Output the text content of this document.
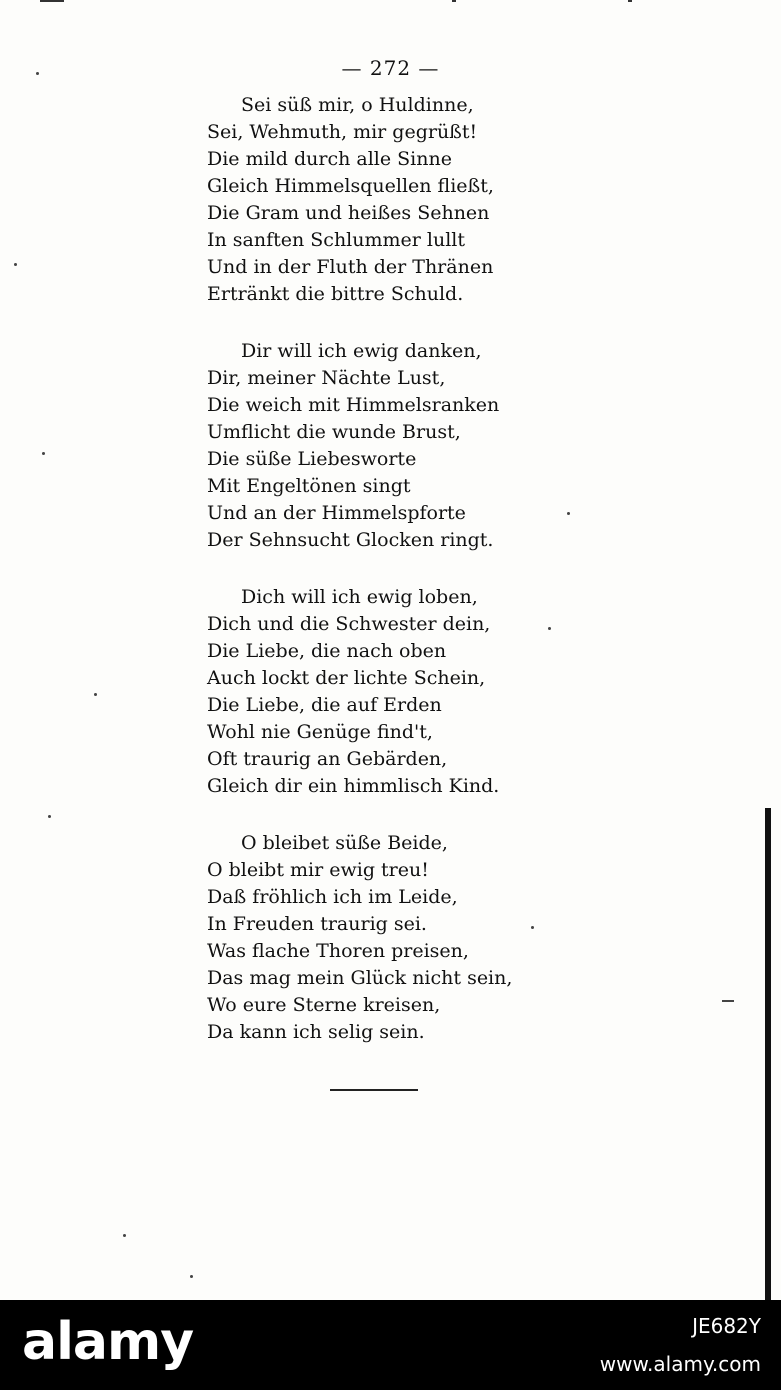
— 272 —
Sei süß mir, o Huldinne,
Sei, Wehmuth, mir gegrüßt!
Die mild durch alle Sinne
Gleich Himmelsquellen fließt,
Die Gram und heißes Sehnen
In sanften Schlummer lullt
Und in der Fluth der Thränen
Ertränkt die bittre Schuld.
Dir will ich ewig danken,
Dir, meiner Nächte Lust,
Die weich mit Himmelsranken
Umflicht die wunde Brust,
Die süße Liebesworte
Mit Engeltönen singt
Und an der Himmelspforte
Der Sehnsucht Glocken ringt.
Dich will ich ewig loben,
Dich und die Schwester dein,
Die Liebe, die nach oben
Auch lockt der lichte Schein,
Die Liebe, die auf Erden
Wohl nie Genüge find't,
Oft traurig an Gebärden,
Gleich dir ein himmlisch Kind.
O bleibet süße Beide,
O bleibt mir ewig treu!
Daß fröhlich ich im Leide,
In Freuden traurig sei.
Was flache Thoren preisen,
Das mag mein Glück nicht sein,
Wo eure Sterne kreisen,
Da kann ich selig sein.
alamy	JE682Y
www.alamy.com
